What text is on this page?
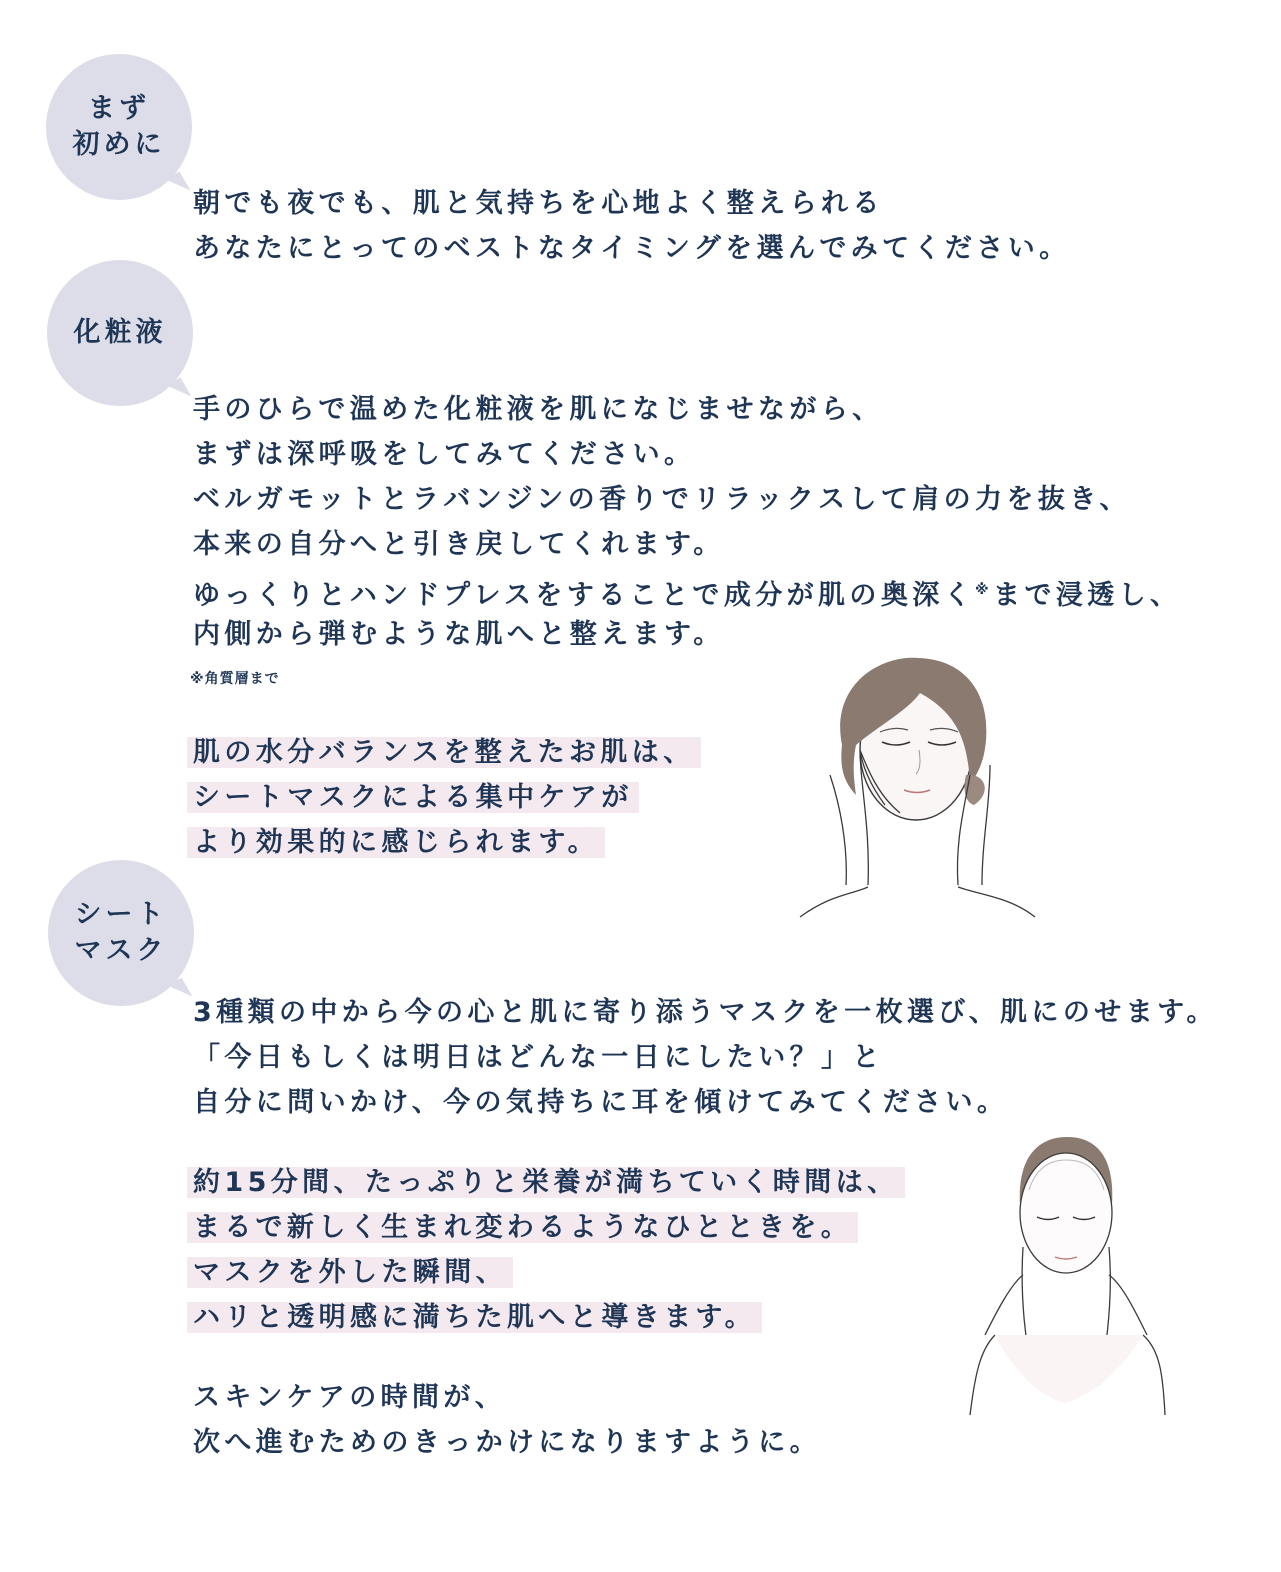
まず
初めに

朝でも夜でも、肌と気持ちを心地よく整えられる

あなたにとってのベストなタイミングを選んでみてください。

化粧液

手のひらで温めた化粧液を肌になじませながら、

まずは深呼吸をしてみてください。

ベルガモットとラバンジンの香りでリラックスして肩の力を抜き、

本来の自分へと引き戻してくれます。

ゆっくりとハンドプレスをすることで成分が肌の奥深く※まで浸透し、

内側から弾むような肌へと整えます。

※角質層まで

肌の水分バランスを整えたお肌は、

シートマスクによる集中ケアが

より効果的に感じられます。

シート
マスク

3種類の中から今の心と肌に寄り添うマスクを一枚選び、肌にのせます。

「今日もしくは明日はどんな一日にしたい？」と

自分に問いかけ、今の気持ちに耳を傾けてみてください。

約15分間、たっぷりと栄養が満ちていく時間は、

まるで新しく生まれ変わるようなひとときを。

マスクを外した瞬間、

ハリと透明感に満ちた肌へと導きます。

スキンケアの時間が、

次へ進むためのきっかけになりますように。
